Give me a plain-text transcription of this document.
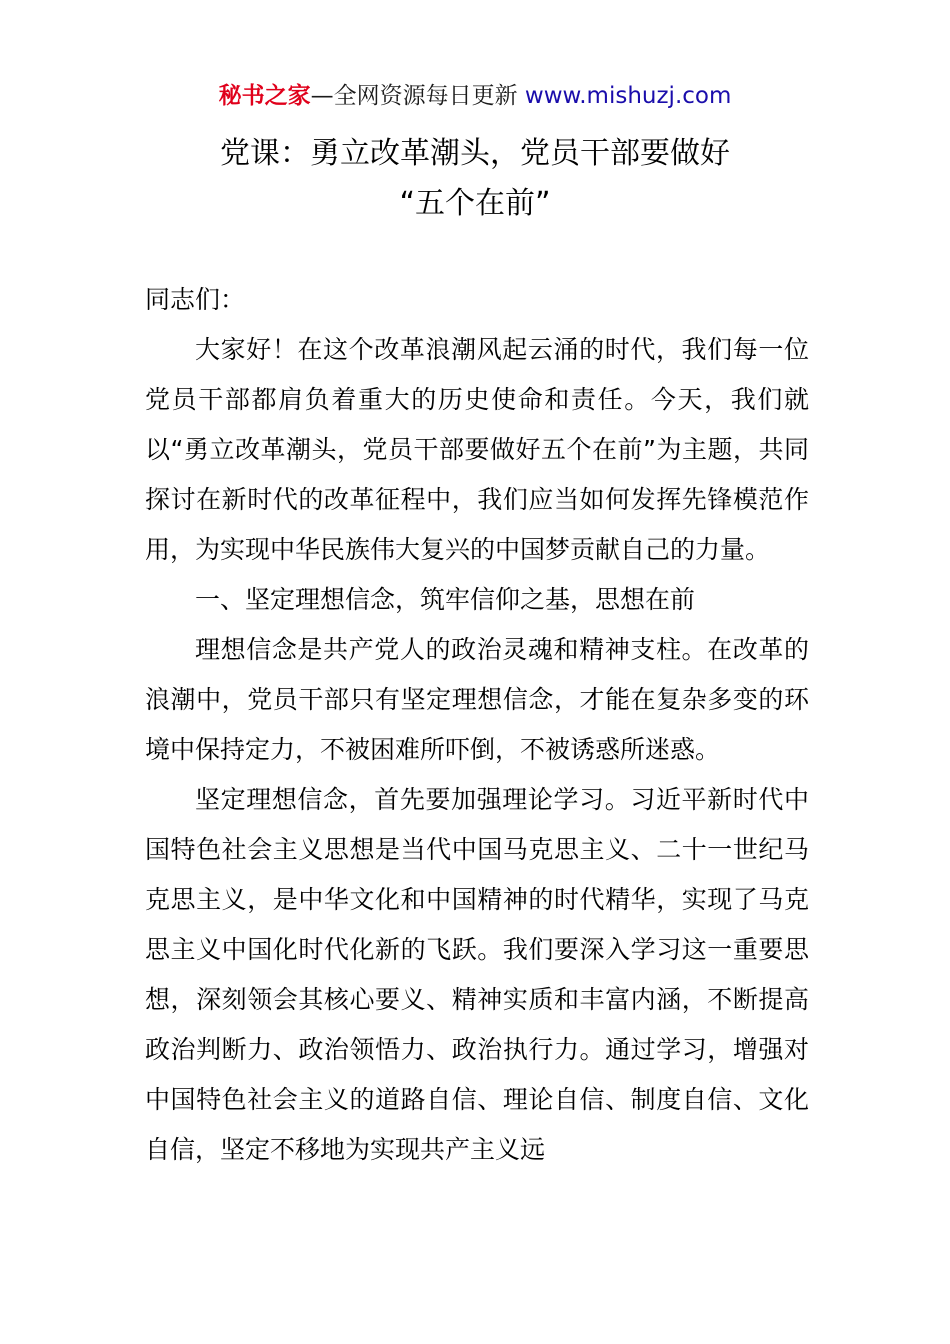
秘书之家—全网资源每日更新 www.mishuzj.com
党课：勇立改革潮头，党员干部要做好
“五个在前”

同志们：

大家好！在这个改革浪潮风起云涌的时代，我们每一位党员干部都肩负着重大的历史使命和责任。今天，我们就以“勇立改革潮头，党员干部要做好五个在前”为主题，共同探讨在新时代的改革征程中，我们应当如何发挥先锋模范作用，为实现中华民族伟大复兴的中国梦贡献自己的力量。

一、坚定理想信念，筑牢信仰之基，思想在前

理想信念是共产党人的政治灵魂和精神支柱。在改革的浪潮中，党员干部只有坚定理想信念，才能在复杂多变的环境中保持定力，不被困难所吓倒，不被诱惑所迷惑。

坚定理想信念，首先要加强理论学习。习近平新时代中国特色社会主义思想是当代中国马克思主义、二十一世纪马克思主义，是中华文化和中国精神的时代精华，实现了马克思主义中国化时代化新的飞跃。我们要深入学习这一重要思想，深刻领会其核心要义、精神实质和丰富内涵，不断提高政治判断力、政治领悟力、政治执行力。通过学习，增强对中国特色社会主义的道路自信、理论自信、制度自信、文化自信，坚定不移地为实现共产主义远
